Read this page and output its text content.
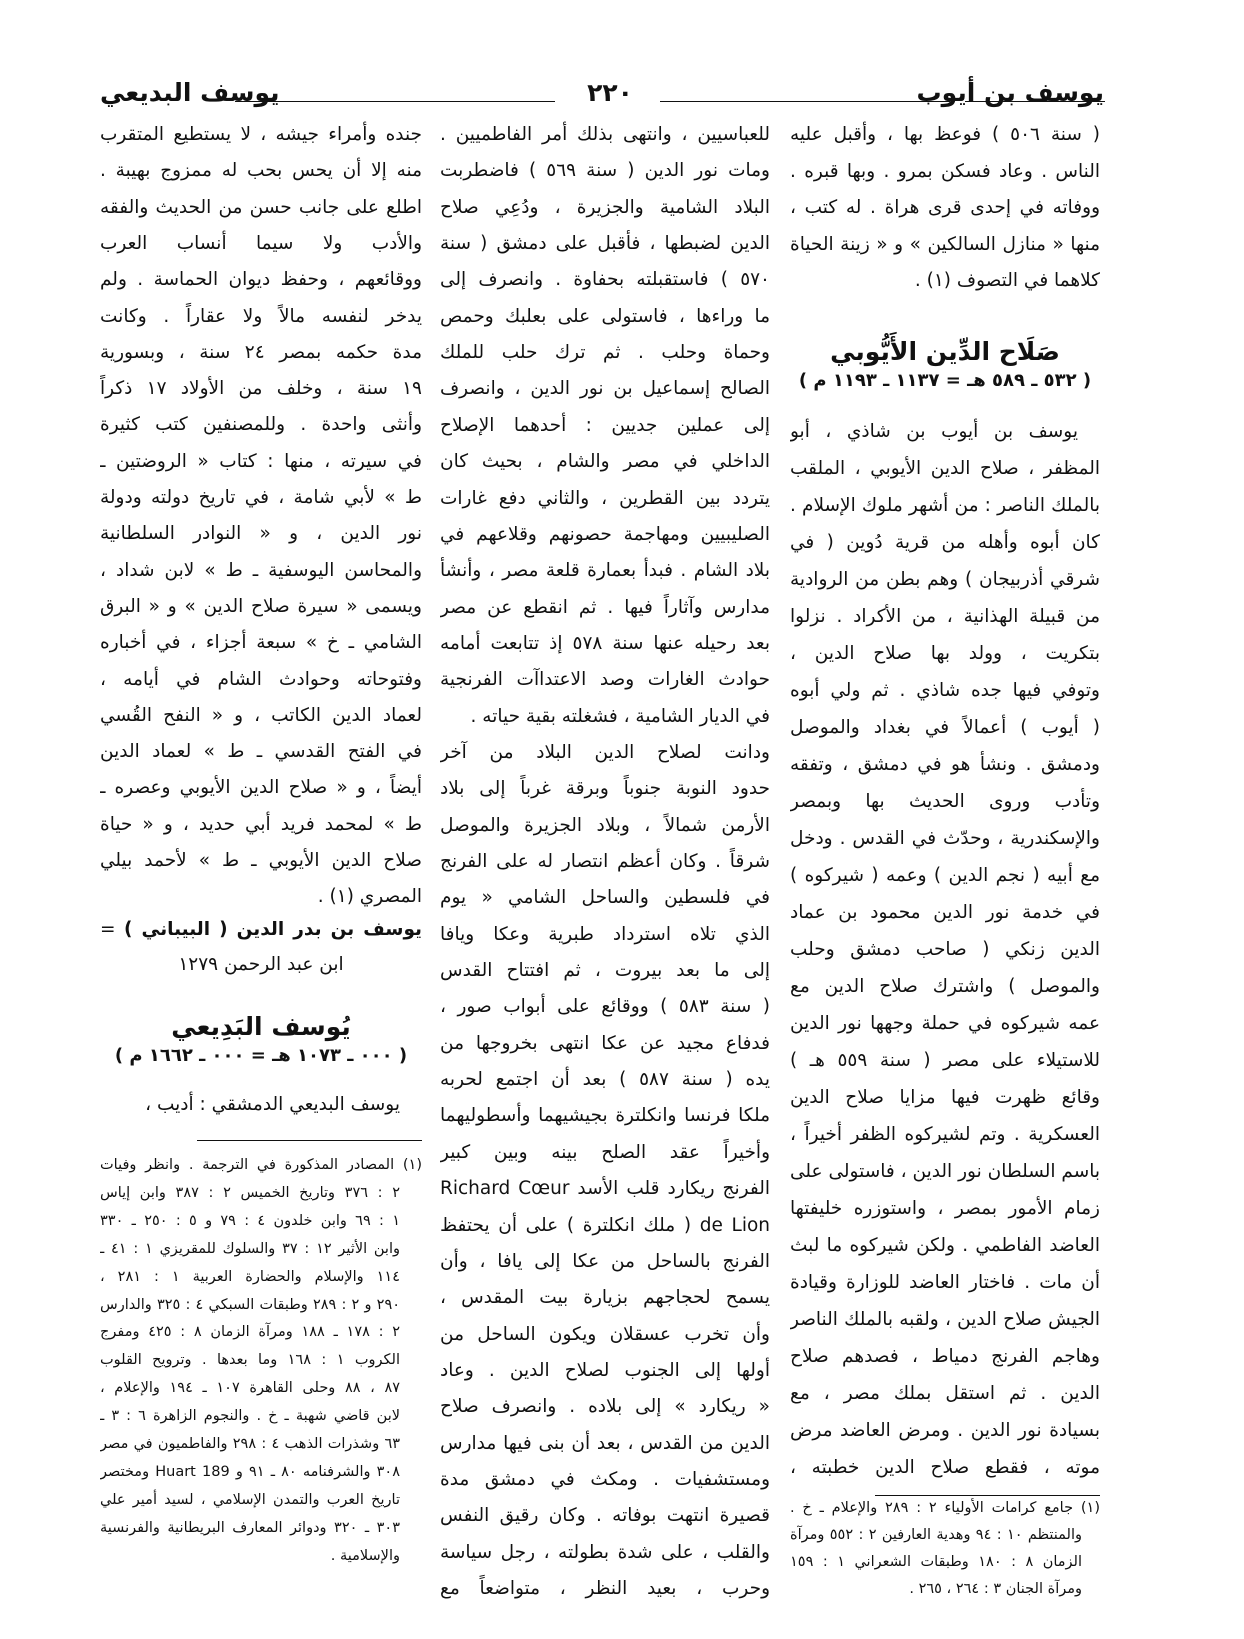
يوسف بن أيوب
٢٢٠
يوسف البديعي
( سنة ٥٠٦ ) فوعظ بها ، وأقبل عليه
الناس . وعاد فسكن بمرو . وبها قبره .
ووفاته في إحدى قرى هراة . له كتب ،
منها « منازل السالكين » و « زينة الحياة
كلاهما في التصوف (١) .
صَلَاح الدِّين الأَيُّوبي
( ٥٣٢ ـ ٥٨٩ هـ = ١١٣٧ ـ ١١٩٣ م )
يوسف بن أيوب بن شاذي ، أبو
المظفر ، صلاح الدين الأيوبي ، الملقب
بالملك الناصر : من أشهر ملوك الإسلام .
كان أبوه وأهله من قرية دُوين ( في
شرقي أذربيجان ) وهم بطن من الروادية
من قبيلة الهذانية ، من الأكراد . نزلوا
بتكريت ، وولد بها صلاح الدين ،
وتوفي فيها جده شاذي . ثم ولي أبوه
( أيوب ) أعمالاً في بغداد والموصل
ودمشق . ونشأ هو في دمشق ، وتفقه
وتأدب وروى الحديث بها وبمصر
والإسكندرية ، وحدّث في القدس . ودخل
مع أبيه ( نجم الدين ) وعمه ( شيركوه )
في خدمة نور الدين محمود بن عماد
الدين زنكي ( صاحب دمشق وحلب
والموصل ) واشترك صلاح الدين مع
عمه شيركوه في حملة وجهها نور الدين
للاستيلاء على مصر ( سنة ٥٥٩ هـ )
وقائع ظهرت فيها مزايا صلاح الدين
العسكرية . وتم لشيركوه الظفر أخيراً ،
باسم السلطان نور الدين ، فاستولى على
زمام الأمور بمصر ، واستوزره خليفتها
العاضد الفاطمي . ولكن شيركوه ما لبث
أن مات . فاختار العاضد للوزارة وقيادة
الجيش صلاح الدين ، ولقبه بالملك الناصر
وهاجم الفرنج دمياط ، فصدهم صلاح
الدين . ثم استقل بملك مصر ، مع
بسيادة نور الدين . ومرض العاضد مرض
موته ، فقطع صلاح الدين خطبته ،
(١) جامع كرامات الأولياء ٢ : ٢٨٩ والإعلام ـ خ .
والمنتظم ١٠ : ٩٤ وهدية العارفين ٢ : ٥٥٢ ومرآة
الزمان ٨ : ١٨٠ وطبقات الشعراني ١ : ١٥٩
ومرآة الجنان ٣ : ٢٦٤ ، ٢٦٥ .
للعباسيين ، وانتهى بذلك أمر الفاطميين .
ومات نور الدين ( سنة ٥٦٩ ) فاضطربت
البلاد الشامية والجزيرة ، ودُعِي صلاح
الدين لضبطها ، فأقبل على دمشق ( سنة
٥٧٠ ) فاستقبلته بحفاوة . وانصرف إلى
ما وراءها ، فاستولى على بعلبك وحمص
وحماة وحلب . ثم ترك حلب للملك
الصالح إسماعيل بن نور الدين ، وانصرف
إلى عملين جديين : أحدهما الإصلاح
الداخلي في مصر والشام ، بحيث كان
يتردد بين القطرين ، والثاني دفع غارات
الصليبيين ومهاجمة حصونهم وقلاعهم في
بلاد الشام . فبدأ بعمارة قلعة مصر ، وأنشأ
مدارس وآثاراً فيها . ثم انقطع عن مصر
بعد رحيله عنها سنة ٥٧٨ إذ تتابعت أمامه
حوادث الغارات وصد الاعتداآت الفرنجية
في الديار الشامية ، فشغلته بقية حياته .
ودانت لصلاح الدين البلاد من آخر
حدود النوبة جنوباً وبرقة غرباً إلى بلاد
الأرمن شمالاً ، وبلاد الجزيرة والموصل
شرقاً . وكان أعظم انتصار له على الفرنج
في فلسطين والساحل الشامي « يوم
الذي تلاه استرداد طبرية وعكا ويافا
إلى ما بعد بيروت ، ثم افتتاح القدس
( سنة ٥٨٣ ) ووقائع على أبواب صور ،
فدفاع مجيد عن عكا انتهى بخروجها من
يده ( سنة ٥٨٧ ) بعد أن اجتمع لحربه
ملكا فرنسا وانكلترة بجيشيهما وأسطوليهما
وأخيراً عقد الصلح بينه وبين كبير
الفرنج ريكارد قلب الأسد Richard Cœur
de Lion ( ملك انكلترة ) على أن يحتفظ
الفرنج بالساحل من عكا إلى يافا ، وأن
يسمح لحجاجهم بزيارة بيت المقدس ،
وأن تخرب عسقلان ويكون الساحل من
أولها إلى الجنوب لصلاح الدين . وعاد
« ريكارد » إلى بلاده . وانصرف صلاح
الدين من القدس ، بعد أن بنى فيها مدارس
ومستشفيات . ومكث في دمشق مدة
قصيرة انتهت بوفاته . وكان رقيق النفس
والقلب ، على شدة بطولته ، رجل سياسة
وحرب ، بعيد النظر ، متواضعاً مع
جنده وأمراء جيشه ، لا يستطيع المتقرب
منه إلا أن يحس بحب له ممزوج بهيبة .
اطلع على جانب حسن من الحديث والفقه
والأدب ولا سيما أنساب العرب
ووقائعهم ، وحفظ ديوان الحماسة . ولم
يدخر لنفسه مالاً ولا عقاراً . وكانت
مدة حكمه بمصر ٢٤ سنة ، وبسورية
١٩ سنة ، وخلف من الأولاد ١٧ ذكراً
وأنثى واحدة . وللمصنفين كتب كثيرة
في سيرته ، منها : كتاب « الروضتين ـ
ط » لأبي شامة ، في تاريخ دولته ودولة
نور الدين ، و « النوادر السلطانية
والمحاسن اليوسفية ـ ط » لابن شداد ،
ويسمى « سيرة صلاح الدين » و « البرق
الشامي ـ خ » سبعة أجزاء ، في أخباره
وفتوحاته وحوادث الشام في أيامه ،
لعماد الدين الكاتب ، و « النفح القُسي
في الفتح القدسي ـ ط » لعماد الدين
أيضاً ، و « صلاح الدين الأيوبي وعصره ـ
ط » لمحمد فريد أبي حديد ، و « حياة
صلاح الدين الأيوبي ـ ط » لأحمد بيلي
المصري (١) .
يوسف بن بدر الدين ( البيباني ) =
ابن عبد الرحمن ١٢٧٩
يُوسف البَدِيعي
( ٠٠٠ ـ ١٠٧٣ هـ = ٠٠٠ ـ ١٦٦٢ م )
يوسف البديعي الدمشقي : أديب ،
(١) المصادر المذكورة في الترجمة . وانظر وفيات
٢ : ٣٧٦ وتاريخ الخميس ٢ : ٣٨٧ وابن إياس
١ : ٦٩ وابن خلدون ٤ : ٧٩ و ٥ : ٢٥٠ ـ ٣٣٠
وابن الأثير ١٢ : ٣٧ والسلوك للمقريزي ١ : ٤١ ـ
١١٤ والإسلام والحضارة العربية ١ : ٢٨١ ،
٢٩٠ و ٢ : ٢٨٩ وطبقات السبكي ٤ : ٣٢٥ والدارس
٢ : ١٧٨ ـ ١٨٨ ومرآة الزمان ٨ : ٤٢٥ ومفرج
الكروب ١ : ١٦٨ وما بعدها . وترويح القلوب
٨٧ ، ٨٨ وحلى القاهرة ١٠٧ ـ ١٩٤ والإعلام ،
لابن قاضي شهبة ـ خ . والنجوم الزاهرة ٦ : ٣ ـ
٦٣ وشذرات الذهب ٤ : ٢٩٨ والفاطميون في مصر
٣٠٨ والشرفنامه ٨٠ ـ ٩١ و Huart 189 ومختصر
تاريخ العرب والتمدن الإسلامي ، لسيد أمير علي
٣٠٣ ـ ٣٢٠ ودوائر المعارف البريطانية والفرنسية
والإسلامية .
